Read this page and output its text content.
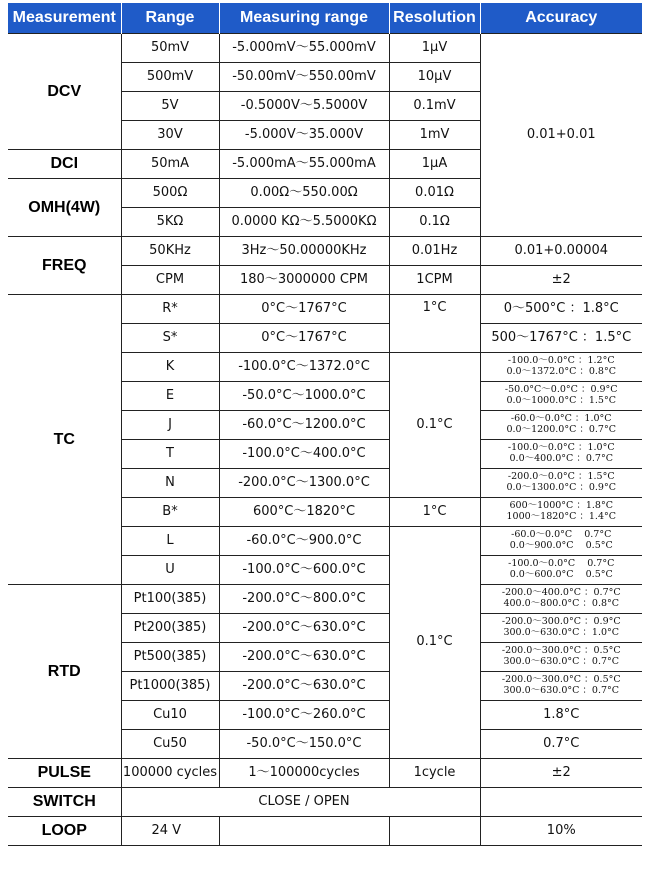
Measurement	Range	Measuring range	Resolution	Accuracy
DCV	50mV	-5.000mV～55.000mV	1μV	0.01+0.01
	500mV	-50.00mV～550.00mV	10μV	
	5V	-0.5000V～5.5000V	0.1mV	
	30V	-5.000V～35.000V	1mV	
DCI	50mA	-5.000mA～55.000mA	1μA	
OMH(4W)	500Ω	0.00Ω～550.00Ω	0.01Ω	
	5KΩ	0.0000 KΩ～5.5000KΩ	0.1Ω	
FREQ	50KHz	3Hz～50.00000KHz	0.01Hz	0.01+0.00004
	CPM	180～3000000 CPM	1CPM	±2
TC	R*	0°C～1767°C	1°C	0～500°C ：1.8°C
	S*	0°C～1767°C		500～1767°C ：1.5°C
	K	-100.0°C～1372.0°C	0.1°C	-100.0～0.0°C ：1.2°C
0.0～1372.0°C ：0.8°C

	E	-50.0°C～1000.0°C		-50.0°C～0.0°C ：0.9°C
0.0～1000.0°C ：1.5°C

	J	-60.0°C～1200.0°C		-60.0～0.0°C ：1.0°C
0.0～1200.0°C ：0.7°C

	T	-100.0°C～400.0°C		-100.0～0.0°C ：1.0°C
0.0～400.0°C ：0.7°C

	N	-200.0°C～1300.0°C		-200.0～0.0°C ：1.5°C
0.0～1300.0°C ：0.9°C

	B*	600°C～1820°C	1°C	600～1000°C ：1.8°C
1000～1820°C ：1.4°C

	L	-60.0°C～900.0°C	0.1°C	-60.0～0.0°C    0.7°C
0.0～900.0°C    0.5°C

	U	-100.0°C～600.0°C		-100.0～0.0°C    0.7°C
0.0～600.0°C    0.5°C

RTD	Pt100(385)	-200.0°C～800.0°C		-200.0～400.0°C ：0.7°C
400.0～800.0°C ：0.8°C

	Pt200(385)	-200.0°C～630.0°C		-200.0～300.0°C ：0.9°C
300.0～630.0°C ：1.0°C

	Pt500(385)	-200.0°C～630.0°C		-200.0～300.0°C ：0.5°C
300.0～630.0°C ：0.7°C

	Pt1000(385)	-200.0°C～630.0°C		-200.0～300.0°C ：0.5°C
300.0～630.0°C ：0.7°C

	Cu10	-100.0°C～260.0°C		1.8°C
	Cu50	-50.0°C～150.0°C		0.7°C
PULSE	100000 cycles	1～100000cycles	1cycle	±2
SWITCH		CLOSE / OPEN		
LOOP	24 V			10%
